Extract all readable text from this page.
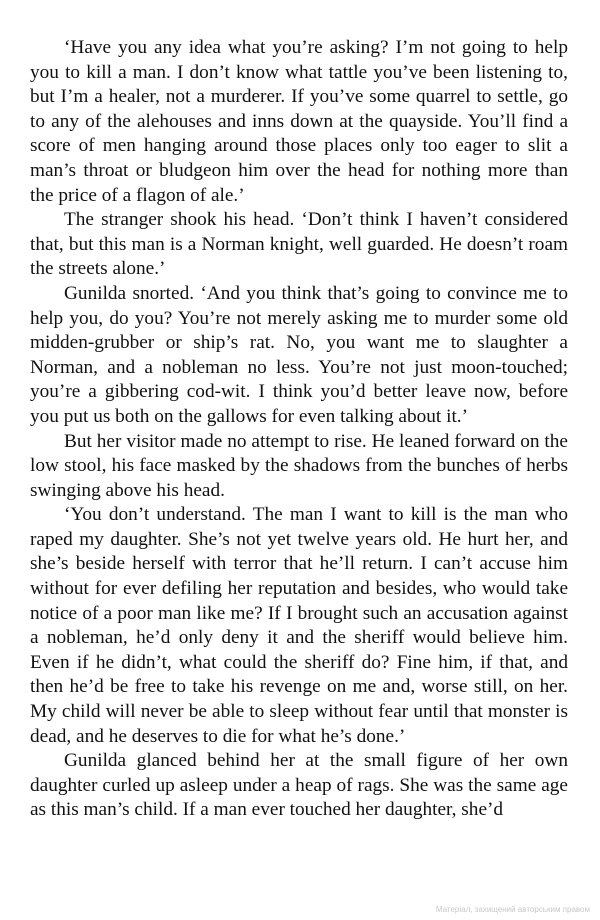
‘Have you any idea what you’re asking? I’m not going to help you to kill a man. I don’t know what tattle you’ve been listening to, but I’m a healer, not a murderer. If you’ve some quarrel to settle, go to any of the alehouses and inns down at the quayside. You’ll find a score of men hanging around those places only too eager to slit a man’s throat or bludgeon him over the head for nothing more than the price of a flagon of ale.’

The stranger shook his head. ‘Don’t think I haven’t considered that, but this man is a Norman knight, well guarded. He doesn’t roam the streets alone.’

Gunilda snorted. ‘And you think that’s going to convince me to help you, do you? You’re not merely asking me to murder some old midden-grubber or ship’s rat. No, you want me to slaughter a Norman, and a nobleman no less. You’re not just moon-touched; you’re a gibbering cod-wit. I think you’d better leave now, before you put us both on the gallows for even talking about it.’

But her visitor made no attempt to rise. He leaned forward on the low stool, his face masked by the shadows from the bunches of herbs swinging above his head.

‘You don’t understand. The man I want to kill is the man who raped my daughter. She’s not yet twelve years old. He hurt her, and she’s beside herself with terror that he’ll return. I can’t accuse him without for ever defiling her reputation and besides, who would take notice of a poor man like me? If I brought such an accusation against a nobleman, he’d only deny it and the sheriff would believe him. Even if he didn’t, what could the sheriff do? Fine him, if that, and then he’d be free to take his revenge on me and, worse still, on her. My child will never be able to sleep without fear until that monster is dead, and he deserves to die for what he’s done.’

Gunilda glanced behind her at the small figure of her own daughter curled up asleep under a heap of rags. She was the same age as this man’s child. If a man ever touched her daughter, she’d

Матеріал, захищений авторським правом
